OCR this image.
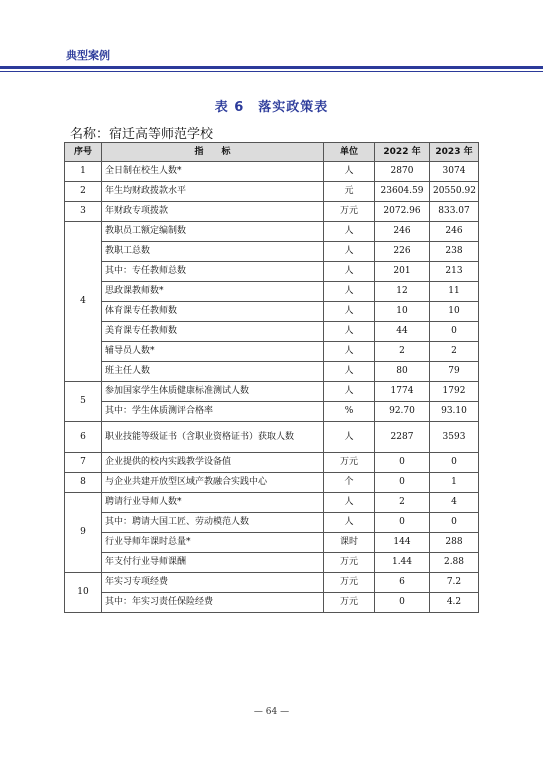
典型案例
表 6　落实政策表
名称：宿迁高等师范学校
序号	指　　标	单位	2022 年	2023 年
1	全日制在校生人数*	人	2870	3074
2	年生均财政拨款水平	元	23604.59	20550.92
3	年财政专项拨款	万元	2072.96	833.07
4	教职员工额定编制数	人	246	246
	教职工总数	人	226	238
	其中：专任教师总数	人	201	213
	思政课教师数*	人	12	11
	体育课专任教师数	人	10	10
	美育课专任教师数	人	44	0
	辅导员人数*	人	2	2
	班主任人数	人	80	79
5	参加国家学生体质健康标准测试人数	人	1774	1792
	其中：学生体质测评合格率	%	92.70	93.10
6	职业技能等级证书（含职业资格证书）获取人数	人	2287	3593
7	企业提供的校内实践教学设备值	万元	0	0
8	与企业共建开放型区域产教融合实践中心	个	0	1
9	聘请行业导师人数*	人	2	4
	其中：聘请大国工匠、劳动模范人数	人	0	0
	行业导师年课时总量*	课时	144	288
	年支付行业导师课酬	万元	1.44	2.88
10	年实习专项经费	万元	6	7.2
	其中：年实习责任保险经费	万元	0	4.2
— 64 —
